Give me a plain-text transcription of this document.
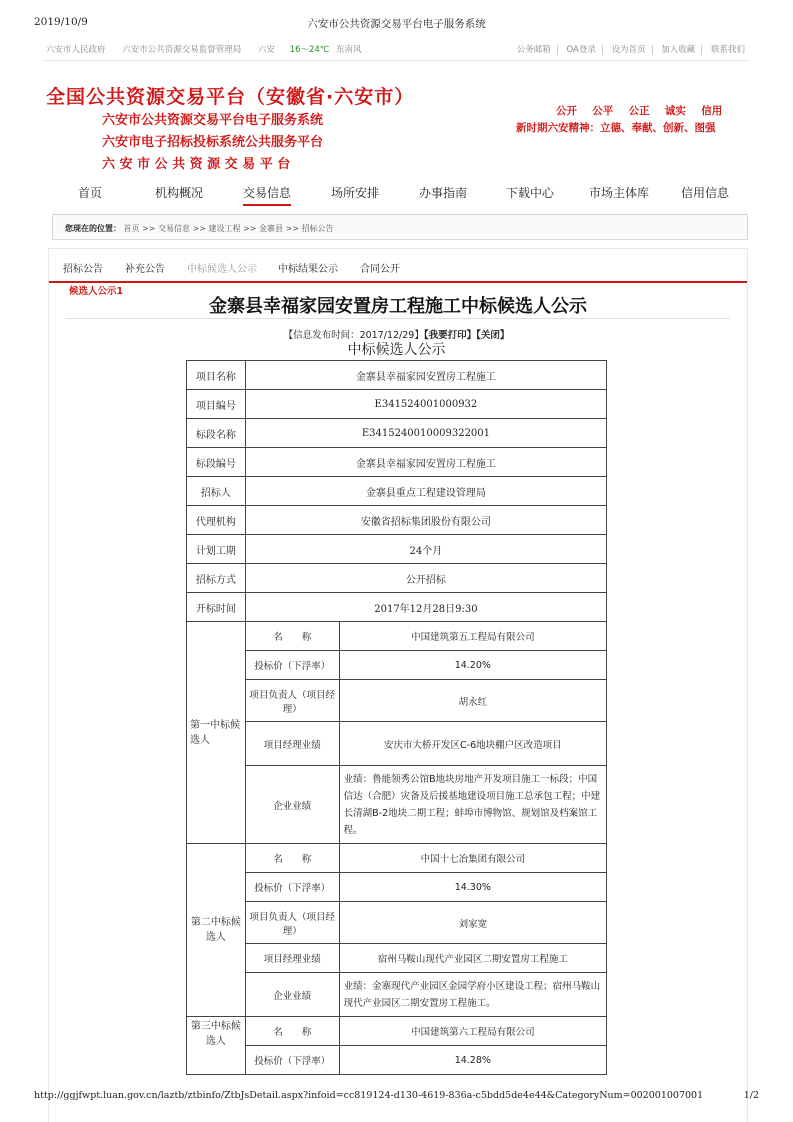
2019/10/9	六安市公共资源交易平台电子服务系统
六安市人民政府 六安市公共资源交易监督管理局 六安 16～24℃ 东南风	公务邮箱 OA登录 设为首页 加入收藏 联系我们
全国公共资源交易平台（安徽省·六安市）
六安市公共资源交易平台电子服务系统
六安市电子招标投标系统公共服务平台
六 安 市 公 共 资 源 交 易 平 台
公开  公平  公正  诚实  信用
新时期六安精神：立德、奉献、创新、图强
首页	机构概况	交易信息	场所安排	办事指南	下载中心	市场主体库	信用信息
您现在的位置： 首页 >> 交易信息 >> 建设工程 >> 金寨县 >> 招标公告
招标公告 补充公告 中标候选人公示 中标结果公示 合同公开
候选人公示1
金寨县幸福家园安置房工程施工中标候选人公示
【信息发布时间：2017/12/29】【我要打印】【关闭】
中标候选人公示
项目名称	金寨县幸福家园安置房工程施工	
项目编号	E341524001000932	
标段名称	E3415240010009322001	
标段编号	金寨县幸福家园安置房工程施工	
招标人	金寨县重点工程建设管理局	
代理机构	安徽省招标集团股份有限公司	
计划工期	24个月	
招标方式	公开招标	
开标时间	2017年12月28日9:30	
第一中标候选人	名　　称	中国建筑第五工程局有限公司
	投标价（下浮率）	14.20%
	项目负责人（项目经理）	胡永红
	项目经理业绩	安庆市大桥开发区C-6地块棚户区改造项目
	企业业绩	业绩：鲁能领秀公馆B地块房地产开发项目施工一标段；中国信达（合肥）灾备及后援基地建设项目施工总承包工程；中建长清湖B-2地块二期工程；蚌埠市博物馆、规划馆及档案馆工程。
第二中标候选人	名　　称	中国十七冶集团有限公司
	投标价（下浮率）	14.30%
	项目负责人（项目经理）	刘家宽
	项目经理业绩	宿州马鞍山现代产业园区二期安置房工程施工
	企业业绩	业绩：金寨现代产业园区金园学府小区建设工程；宿州马鞍山现代产业园区二期安置房工程施工。
第三中标候选人	名　　称	中国建筑第六工程局有限公司
	投标价（下浮率）	14.28%
http://ggjfwpt.luan.gov.cn/laztb/ztbinfo/ZtbJsDetail.aspx?infoid=cc819124-d130-4619-836a-c5bdd5de4e44&CategoryNum=002001007001	1/2
